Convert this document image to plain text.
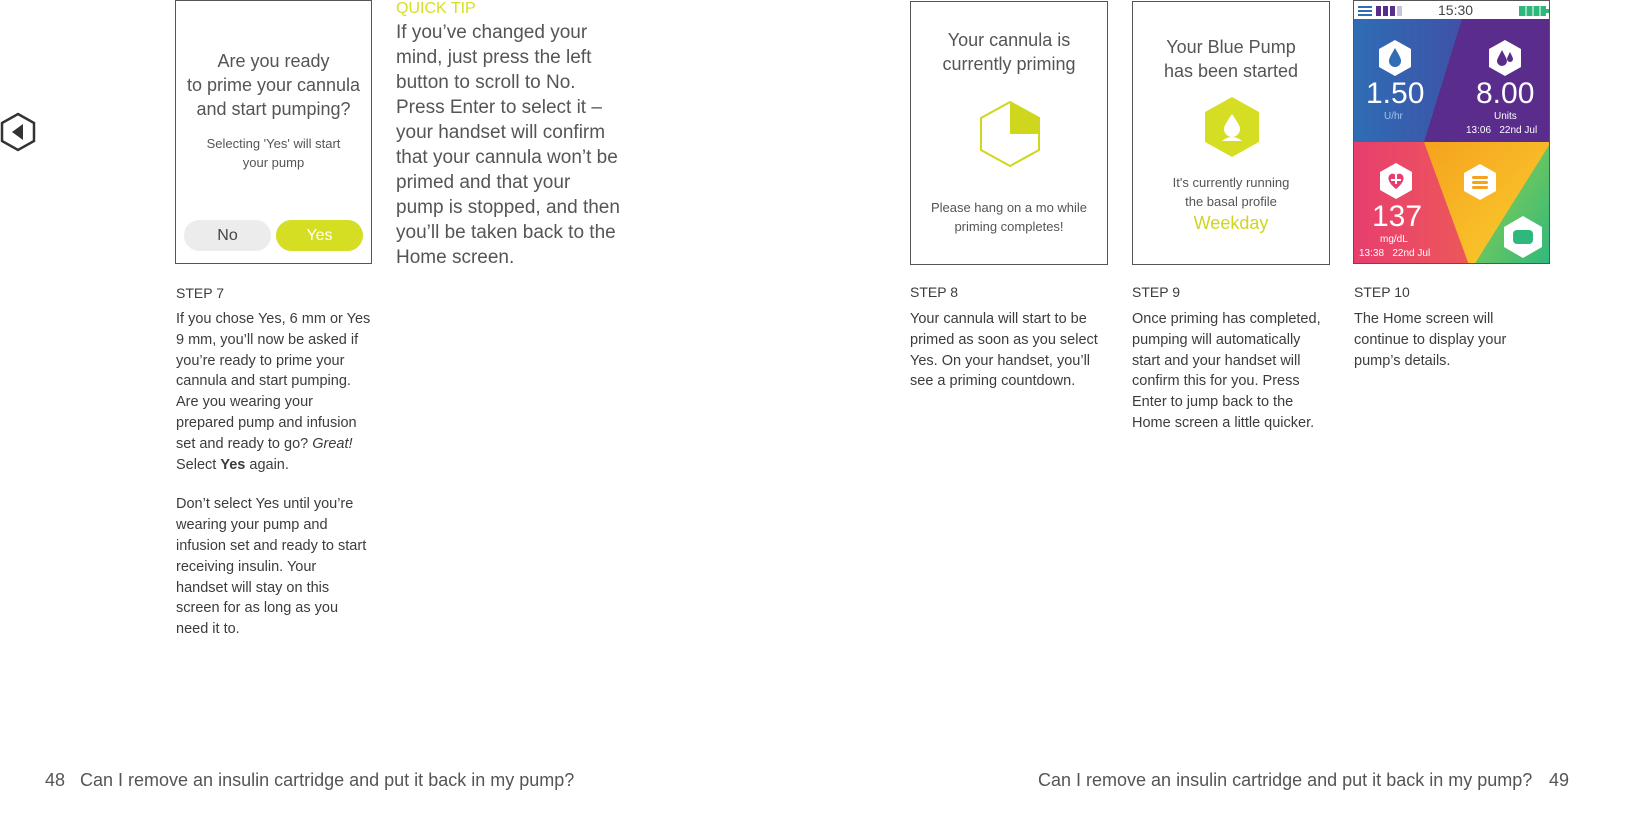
Are you ready
to prime your cannula
and start pumping?
Selecting 'Yes' will start
your pump
No	Yes
QUICK TIP
If you’ve changed your mind, just press the left button to scroll to No. Press Enter to select it – your handset will confirm that your cannula won’t be primed and that your pump is stopped, and then you’ll be taken back to the Home screen.
STEP 7

If you chose Yes, 6 mm or Yes 9 mm, you’ll now be asked if you’re ready to prime your cannula and start pumping. Are you wearing your prepared pump and infusion set and ready to go? Great! Select Yes again.

Don’t select Yes until you’re wearing your pump and infusion set and ready to start receiving insulin. Your handset will stay on this screen for as long as you need it to.

Your cannula is
currently priming
Please hang on a mo while
priming completes!
Your Blue Pump
has been started
It's currently running
the basal profile
Weekday
15:30
1.50
U/hr
8.00
Units
13:06   22nd Jul
137
mg/dL
13:38   22nd Jul
STEP 8
Your cannula will start to be primed as soon as you select Yes. On your handset, you’ll see a priming countdown.
STEP 9
Once priming has completed, pumping will automatically start and your handset will confirm this for you. Press Enter to jump back to the Home screen a little quicker.
STEP 10
The Home screen will continue to display your pump’s details.
48 Can I remove an insulin cartridge and put it back in my pump?	Can I remove an insulin cartridge and put it back in my pump? 49
